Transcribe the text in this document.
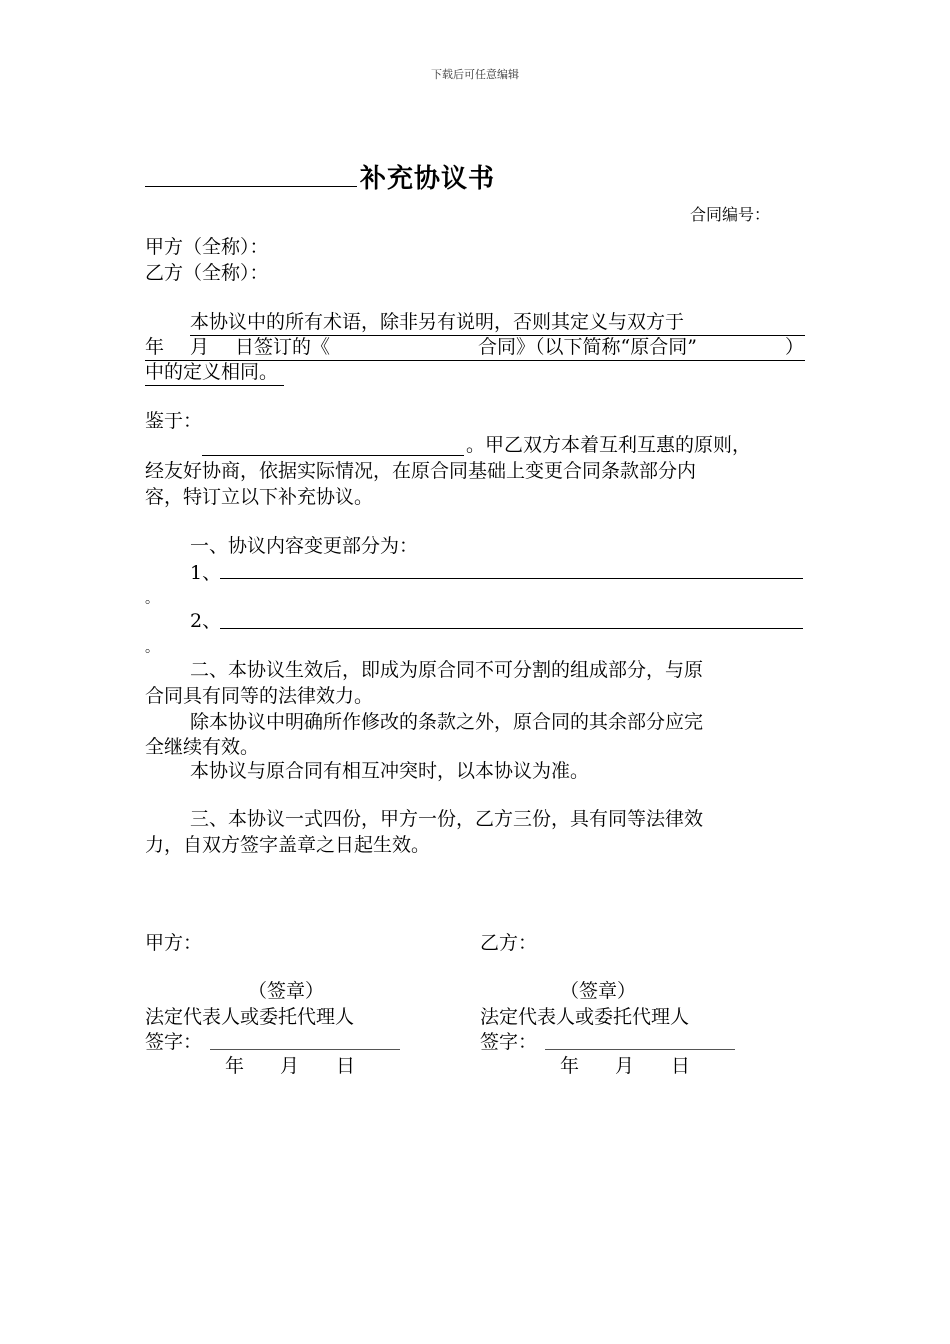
下载后可任意编辑
补充协议书
合同编号：
甲方（全称）：
乙方（全称）：
本协议中的所有术语，除非另有说明，否则其定义与双方于
年 月 日签订的《	合同》（以下简称“原合同”	）
中的定义相同。
鉴于：
。甲乙双方本着互利互惠的原则，
经友好协商，依据实际情况，在原合同基础上变更合同条款部分内
容，特订立以下补充协议。
一、协议内容变更部分为：
1、
。
2、
。
二、本协议生效后，即成为原合同不可分割的组成部分，与原
合同具有同等的法律效力。
除本协议中明确所作修改的条款之外，原合同的其余部分应完
全继续有效。
本协议与原合同有相互冲突时，以本协议为准。
三、本协议一式四份，甲方一份，乙方三份，具有同等法律效
力，自双方签字盖章之日起生效。
甲方：
（签章）
法定代表人或委托代理人
签字：
年 月 日
乙方：
（签章）
法定代表人或委托代理人
签字：
年 月 日
